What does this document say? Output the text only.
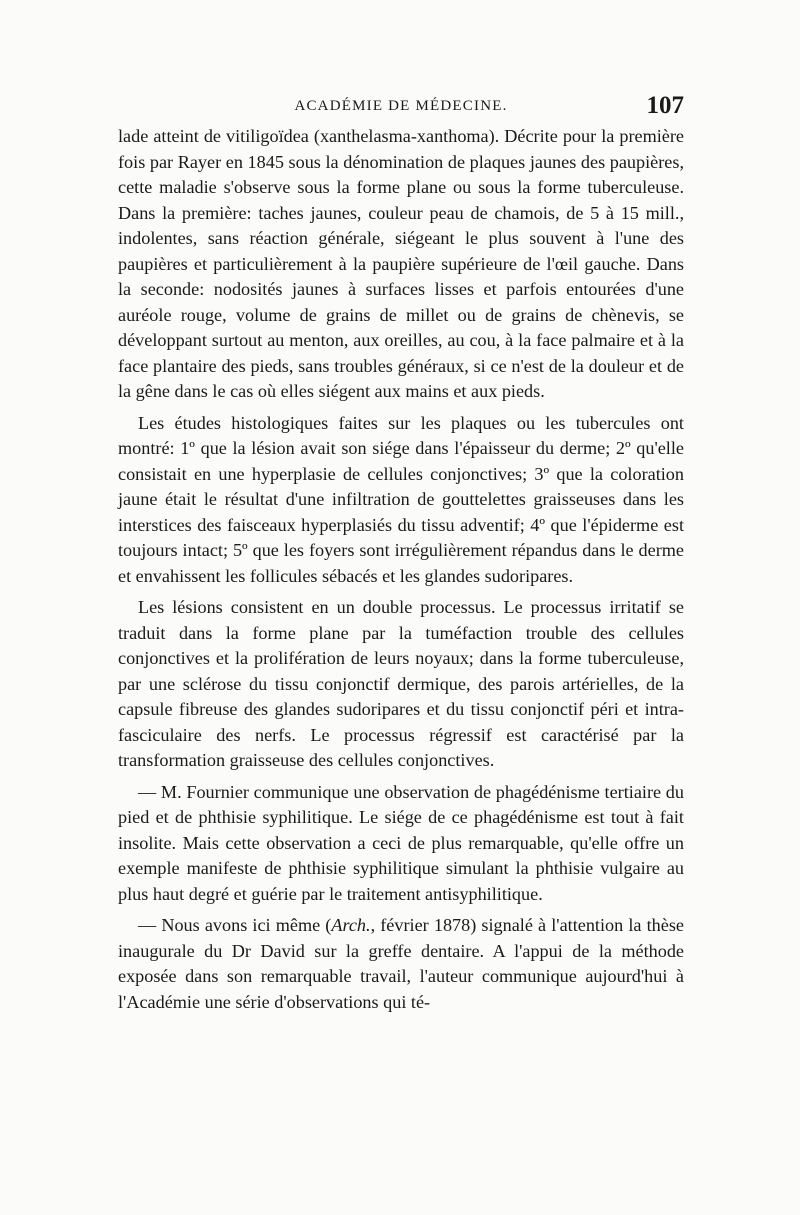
ACADÉMIE DE MÉDECINE.	107

lade atteint de vitiligoïdea (xanthelasma-xanthoma). Décrite pour la première fois par Rayer en 1845 sous la dénomination de plaques jaunes des paupières, cette maladie s'observe sous la forme plane ou sous la forme tuberculeuse. Dans la première: taches jaunes, couleur peau de chamois, de 5 à 15 mill., indolentes, sans réaction générale, siégeant le plus souvent à l'une des paupières et particulièrement à la paupière supérieure de l'œil gauche. Dans la seconde: nodosités jaunes à surfaces lisses et parfois entourées d'une auréole rouge, volume de grains de millet ou de grains de chènevis, se développant surtout au menton, aux oreilles, au cou, à la face palmaire et à la face plantaire des pieds, sans troubles généraux, si ce n'est de la douleur et de la gêne dans le cas où elles siégent aux mains et aux pieds.

Les études histologiques faites sur les plaques ou les tubercules ont montré: 1º que la lésion avait son siége dans l'épaisseur du derme; 2º qu'elle consistait en une hyperplasie de cellules conjonctives; 3º que la coloration jaune était le résultat d'une infiltration de gouttelettes graisseuses dans les interstices des faisceaux hyperplasiés du tissu adventif; 4º que l'épiderme est toujours intact; 5º que les foyers sont irrégulièrement répandus dans le derme et envahissent les follicules sébacés et les glandes sudoripares.

Les lésions consistent en un double processus. Le processus irritatif se traduit dans la forme plane par la tuméfaction trouble des cellules conjonctives et la prolifération de leurs noyaux; dans la forme tuberculeuse, par une sclérose du tissu conjonctif dermique, des parois artérielles, de la capsule fibreuse des glandes sudoripares et du tissu conjonctif péri et intra-fasciculaire des nerfs. Le processus régressif est caractérisé par la transformation graisseuse des cellules conjonctives.

— M. Fournier communique une observation de phagédénisme tertiaire du pied et de phthisie syphilitique. Le siége de ce phagédénisme est tout à fait insolite. Mais cette observation a ceci de plus remarquable, qu'elle offre un exemple manifeste de phthisie syphilitique simulant la phthisie vulgaire au plus haut degré et guérie par le traitement antisyphilitique.

— Nous avons ici même (Arch., février 1878) signalé à l'attention la thèse inaugurale du Dr David sur la greffe dentaire. A l'appui de la méthode exposée dans son remarquable travail, l'auteur communique aujourd'hui à l'Académie une série d'observations qui té-
